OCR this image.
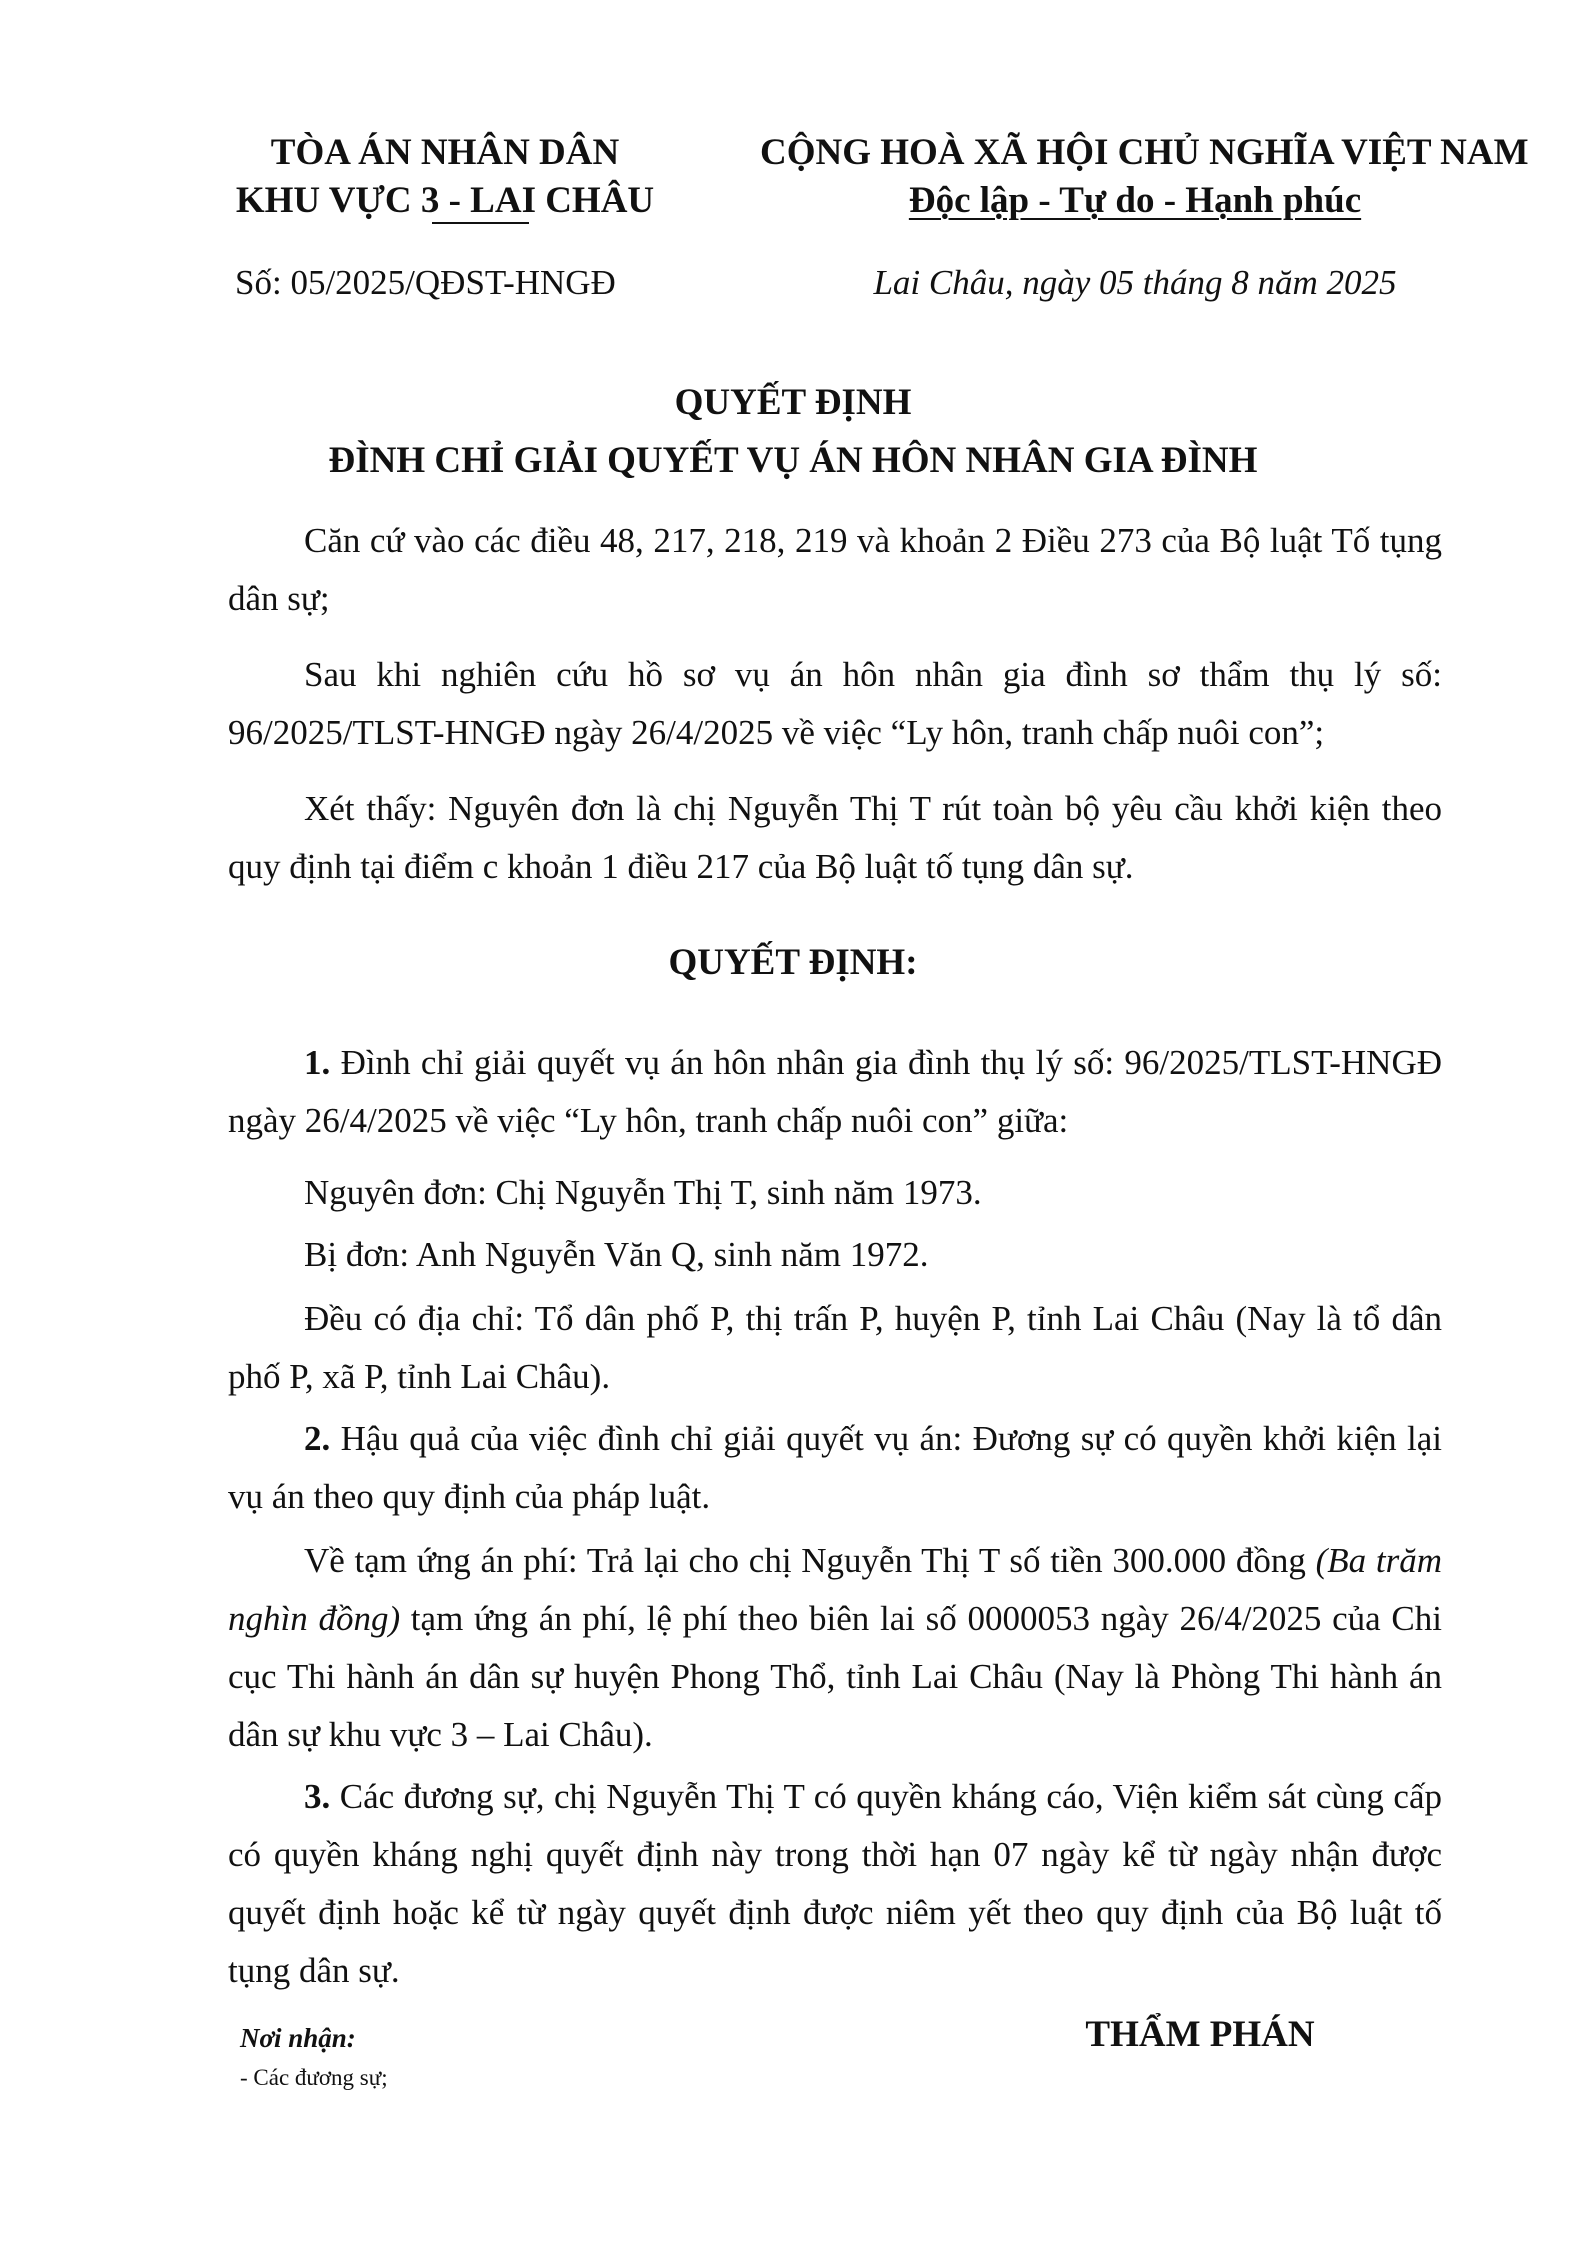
TÒA ÁN NHÂN DÂN
KHU VỰC 3 - LAI CHÂU
CỘNG HOÀ XÃ HỘI CHỦ NGHĨA VIỆT NAM
Độc lập - Tự do - Hạnh phúc
Số: 05/2025/QĐST-HNGĐ	Lai Châu, ngày 05 tháng 8 năm 2025
QUYẾT ĐỊNH
ĐÌNH CHỈ GIẢI QUYẾT VỤ ÁN HÔN NHÂN GIA ĐÌNH

Căn cứ vào các điều 48, 217, 218, 219 và khoản 2 Điều 273 của Bộ luật Tố tụng dân sự;

Sau khi nghiên cứu hồ sơ vụ án hôn nhân gia đình sơ thẩm thụ lý số: 96/2025/TLST-HNGĐ ngày 26/4/2025 về việc “Ly hôn, tranh chấp nuôi con”;

Xét thấy: Nguyên đơn là chị Nguyễn Thị T rút toàn bộ yêu cầu khởi kiện theo quy định tại điểm c khoản 1 điều 217 của Bộ luật tố tụng dân sự.

QUYẾT ĐỊNH:

1. Đình chỉ giải quyết vụ án hôn nhân gia đình thụ lý số: 96/2025/TLST-HNGĐ ngày 26/4/2025 về việc “Ly hôn, tranh chấp nuôi con” giữa:

Nguyên đơn: Chị Nguyễn Thị T, sinh năm 1973.

Bị đơn: Anh Nguyễn Văn Q, sinh năm 1972.

Đều có địa chỉ: Tổ dân phố P, thị trấn P, huyện P, tỉnh Lai Châu (Nay là tổ dân phố P, xã P, tỉnh Lai Châu).

2. Hậu quả của việc đình chỉ giải quyết vụ án: Đương sự có quyền khởi kiện lại vụ án theo quy định của pháp luật.

Về tạm ứng án phí: Trả lại cho chị Nguyễn Thị T số tiền 300.000 đồng (Ba trăm nghìn đồng) tạm ứng án phí, lệ phí theo biên lai số 0000053 ngày 26/4/2025 của Chi cục Thi hành án dân sự huyện Phong Thổ, tỉnh Lai Châu (Nay là Phòng Thi hành án dân sự khu vực 3 – Lai Châu).

3. Các đương sự, chị Nguyễn Thị T có quyền kháng cáo, Viện kiểm sát cùng cấp có quyền kháng nghị quyết định này trong thời hạn 07 ngày kể từ ngày nhận được quyết định hoặc kể từ ngày quyết định được niêm yết theo quy định của Bộ luật tố tụng dân sự.

Nơi nhận:
- Các đương sự;
THẨM PHÁN
